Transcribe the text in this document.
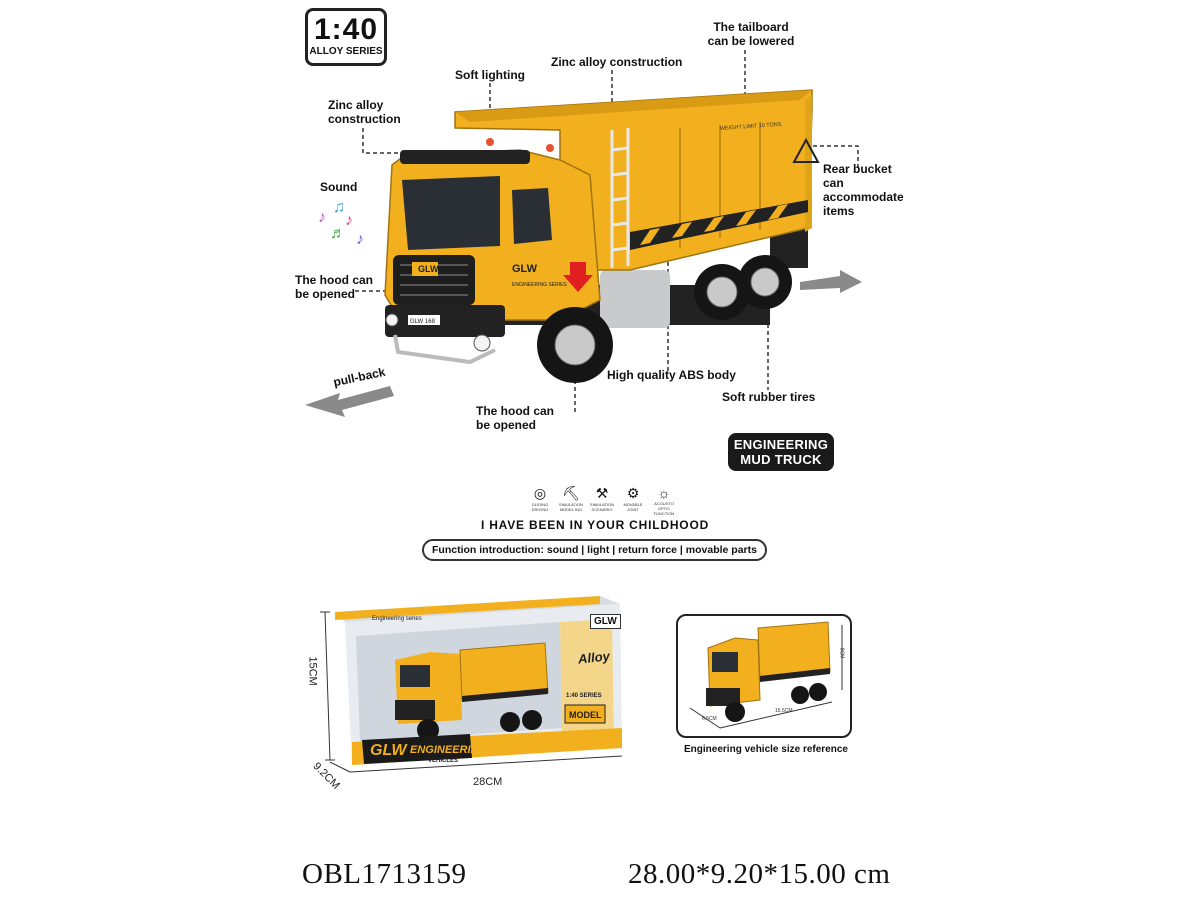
1:40
ALLOY SERIES
♪
♫
♪
♬ ♪
GLW	GLW
ENGINEERING SERIES
GLW 168
WEIGHT LIMIT 10 TONS
The tailboard can be lowered
Zinc alloy construction
Soft lighting
Zinc alloy construction
Sound
Rear bucket can accommodate items
The hood can be opened
pull-back	High quality ABS body
Soft rubber tires
The hood can be opened
ENGINEERING
MUD TRUCK
◎
GLIDING DRIVING
⛏
SIMULATION MODEL ING
⚒
SIMULATION SCENARIO
⚙
MOVABLE JOINT
☼
ACOUSTO OPTIC FUNCTION
I HAVE BEEN IN YOUR CHILDHOOD
Function introduction: sound | light | return force | movable parts
GLW
Engineering series
Alloy
1:40 SERIES
MODEL
GLW ENGINEERING
VEHICLES
15CM
28CM
9.2CM
6.5CM
15.5CM
8CM
Engineering vehicle size reference
OBL1713159	28.00*9.20*15.00 cm
